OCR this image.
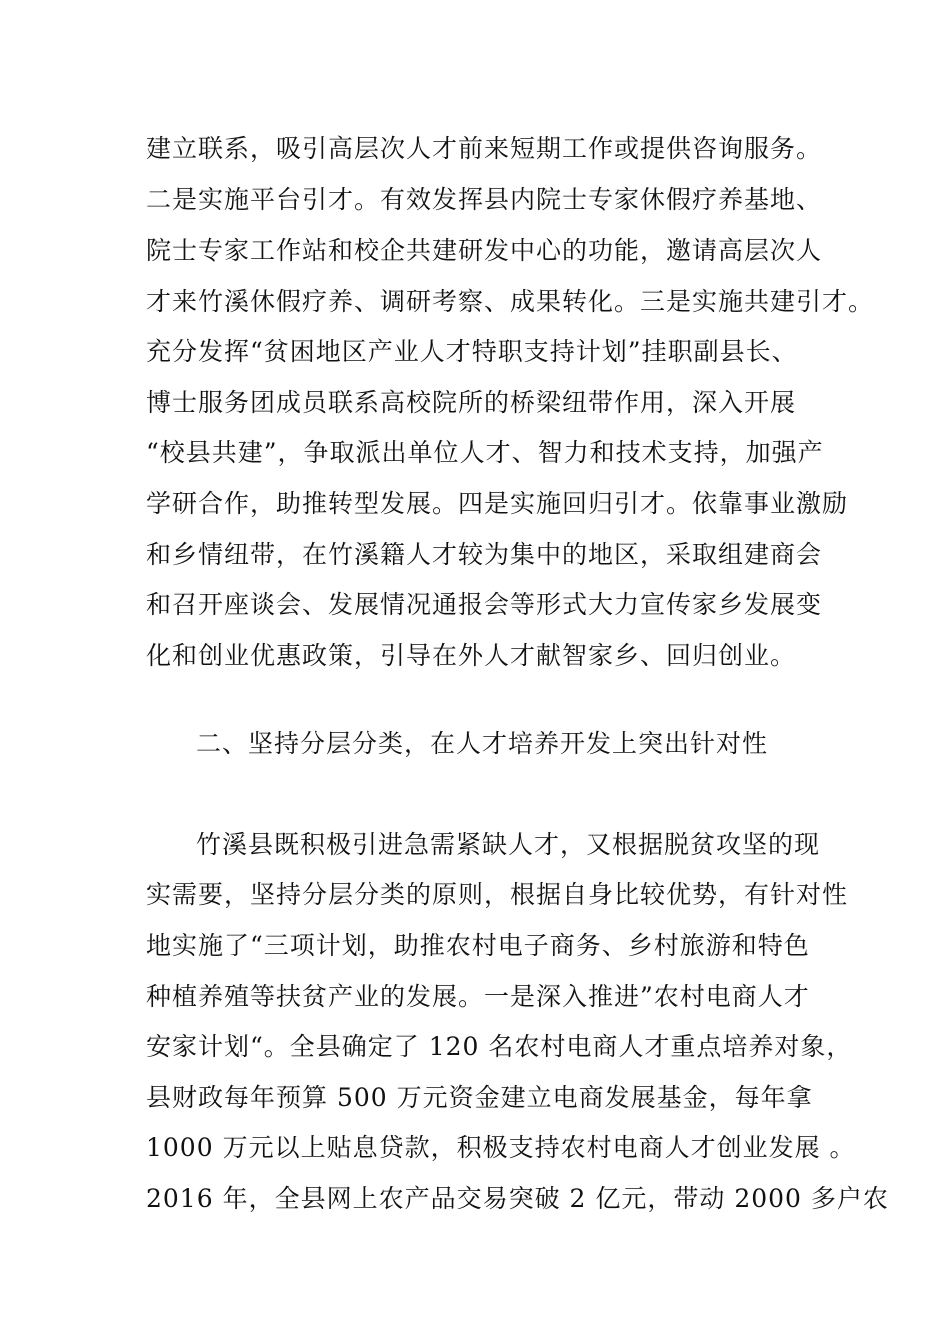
建立联系，吸引高层次人才前来短期工作或提供咨询服务。
二是实施平台引才。有效发挥县内院士专家休假疗养基地、
院士专家工作站和校企共建研发中心的功能，邀请高层次人
才来竹溪休假疗养、调研考察、成果转化。三是实施共建引才。
充分发挥“贫困地区产业人才特职支持计划”挂职副县长、
博士服务团成员联系高校院所的桥梁纽带作用，深入开展
“校县共建”，争取派出单位人才、智力和技术支持，加强产
学研合作，助推转型发展。四是实施回归引才。依靠事业激励
和乡情纽带，在竹溪籍人才较为集中的地区，采取组建商会
和召开座谈会、发展情况通报会等形式大力宣传家乡发展变
化和创业优惠政策，引导在外人才献智家乡、回归创业。
二、坚持分层分类，在人才培养开发上突出针对性
竹溪县既积极引进急需紧缺人才，又根据脱贫攻坚的现
实需要，坚持分层分类的原则，根据自身比较优势，有针对性
地实施了“三项计划，助推农村电子商务、乡村旅游和特色
种植养殖等扶贫产业的发展。一是深入推进”农村电商人才
安家计划“。全县确定了 120 名农村电商人才重点培养对象，
县财政每年预算 500 万元资金建立电商发展基金，每年拿
1000 万元以上贴息贷款，积极支持农村电商人才创业发展 。
2016 年，全县网上农产品交易突破 2 亿元，带动 2000 多户农
